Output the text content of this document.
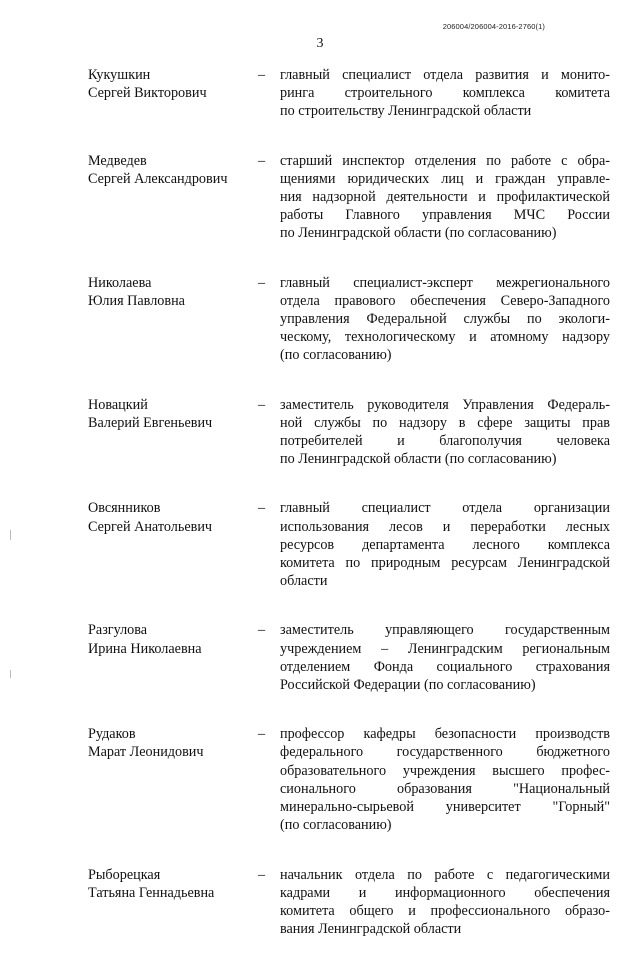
206004/206004-2016-2760(1)
3
Кукушкин
Сергей Викторович
–	главный специалист отдела развития и монито-
ринга строительного комплекса комитета
по строительству Ленинградской области
Медведев
Сергей Александрович
–	старший инспектор отделения по работе с обра-
щениями юридических лиц и граждан управле-
ния надзорной деятельности и профилактической
работы Главного управления МЧС России
по Ленинградской области (по согласованию)
Николаева
Юлия Павловна
–	главный специалист-эксперт межрегионального
отдела правового обеспечения Северо-Западного
управления Федеральной службы по экологи-
ческому, технологическому и атомному надзору
(по согласованию)
Новацкий
Валерий Евгеньевич
–	заместитель руководителя Управления Федераль-
ной службы по надзору в сфере защиты прав
потребителей и благополучия человека
по Ленинградской области (по согласованию)
Овсянников
Сергей Анатольевич
–	главный специалист отдела организации
использования лесов и переработки лесных
ресурсов департамента лесного комплекса
комитета по природным ресурсам Ленинградской
области
Разгулова
Ирина Николаевна
–	заместитель управляющего государственным
учреждением – Ленинградским региональным
отделением Фонда социального страхования
Российской Федерации (по согласованию)
Рудаков
Марат Леонидович
–	профессор кафедры безопасности производств
федерального государственного бюджетного
образовательного учреждения высшего профес-
сионального образования "Национальный
минерально-сырьевой университет "Горный"
(по согласованию)
Рыборецкая
Татьяна Геннадьевна
–	начальник отдела по работе с педагогическими
кадрами и информационного обеспечения
комитета общего и профессионального образо-
вания Ленинградской области
